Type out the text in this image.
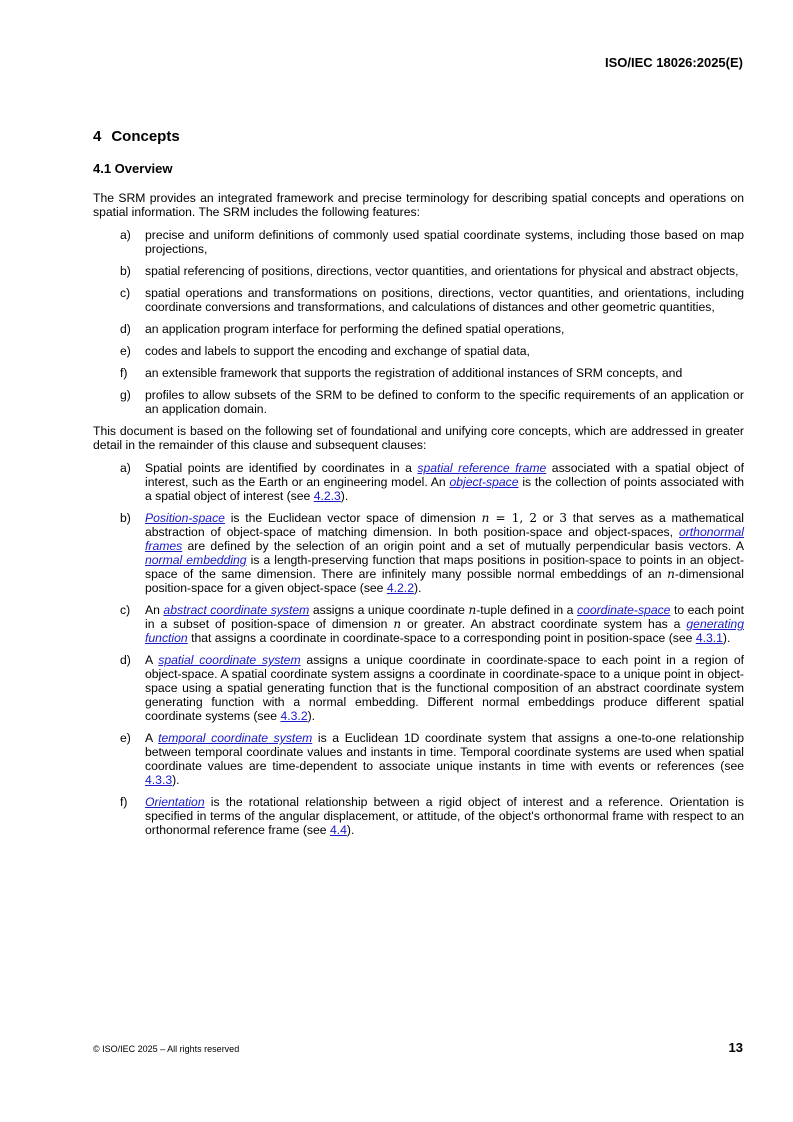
ISO/IEC 18026:2025(E)
4 Concepts
4.1 Overview

The SRM provides an integrated framework and precise terminology for describing spatial concepts and operations on spatial information. The SRM includes the following features:

a) precise and uniform definitions of commonly used spatial coordinate systems, including those based on map projections,
b) spatial referencing of positions, directions, vector quantities, and orientations for physical and abstract objects,
c) spatial operations and transformations on positions, directions, vector quantities, and orientations, including coordinate conversions and transformations, and calculations of distances and other geometric quantities,
d) an application program interface for performing the defined spatial operations,
e) codes and labels to support the encoding and exchange of spatial data,
f) an extensible framework that supports the registration of additional instances of SRM concepts, and
g) profiles to allow subsets of the SRM to be defined to conform to the specific requirements of an application or an application domain.

This document is based on the following set of foundational and unifying core concepts, which are addressed in greater detail in the remainder of this clause and subsequent clauses:

a) Spatial points are identified by coordinates in a spatial reference frame associated with a spatial object of interest, such as the Earth or an engineering model. An object-space is the collection of points associated with a spatial object of interest (see 4.2.3).
b) Position-space is the Euclidean vector space of dimension n = 1, 2 or 3 that serves as a mathematical abstraction of object-space of matching dimension. In both position-space and object-spaces, orthonormal frames are defined by the selection of an origin point and a set of mutually perpendicular basis vectors. A normal embedding is a length-preserving function that maps positions in position-space to points in an object-space of the same dimension. There are infinitely many possible normal embeddings of an n-dimensional position-space for a given object-space (see 4.2.2).
c) An abstract coordinate system assigns a unique coordinate n-tuple defined in a coordinate-space to each point in a subset of position-space of dimension n or greater. An abstract coordinate system has a generating function that assigns a coordinate in coordinate-space to a corresponding point in position-space (see 4.3.1).
d) A spatial coordinate system assigns a unique coordinate in coordinate-space to each point in a region of object-space. A spatial coordinate system assigns a coordinate in coordinate-space to a unique point in object-space using a spatial generating function that is the functional composition of an abstract coordinate system generating function with a normal embedding. Different normal embeddings produce different spatial coordinate systems (see 4.3.2).
e) A temporal coordinate system is a Euclidean 1D coordinate system that assigns a one-to-one relationship between temporal coordinate values and instants in time. Temporal coordinate systems are used when spatial coordinate values are time-dependent to associate unique instants in time with events or references (see 4.3.3).
f) Orientation is the rotational relationship between a rigid object of interest and a reference. Orientation is specified in terms of the angular displacement, or attitude, of the object's orthonormal frame with respect to an orthonormal reference frame (see 4.4).
© ISO/IEC 2025 – All rights reserved	13
